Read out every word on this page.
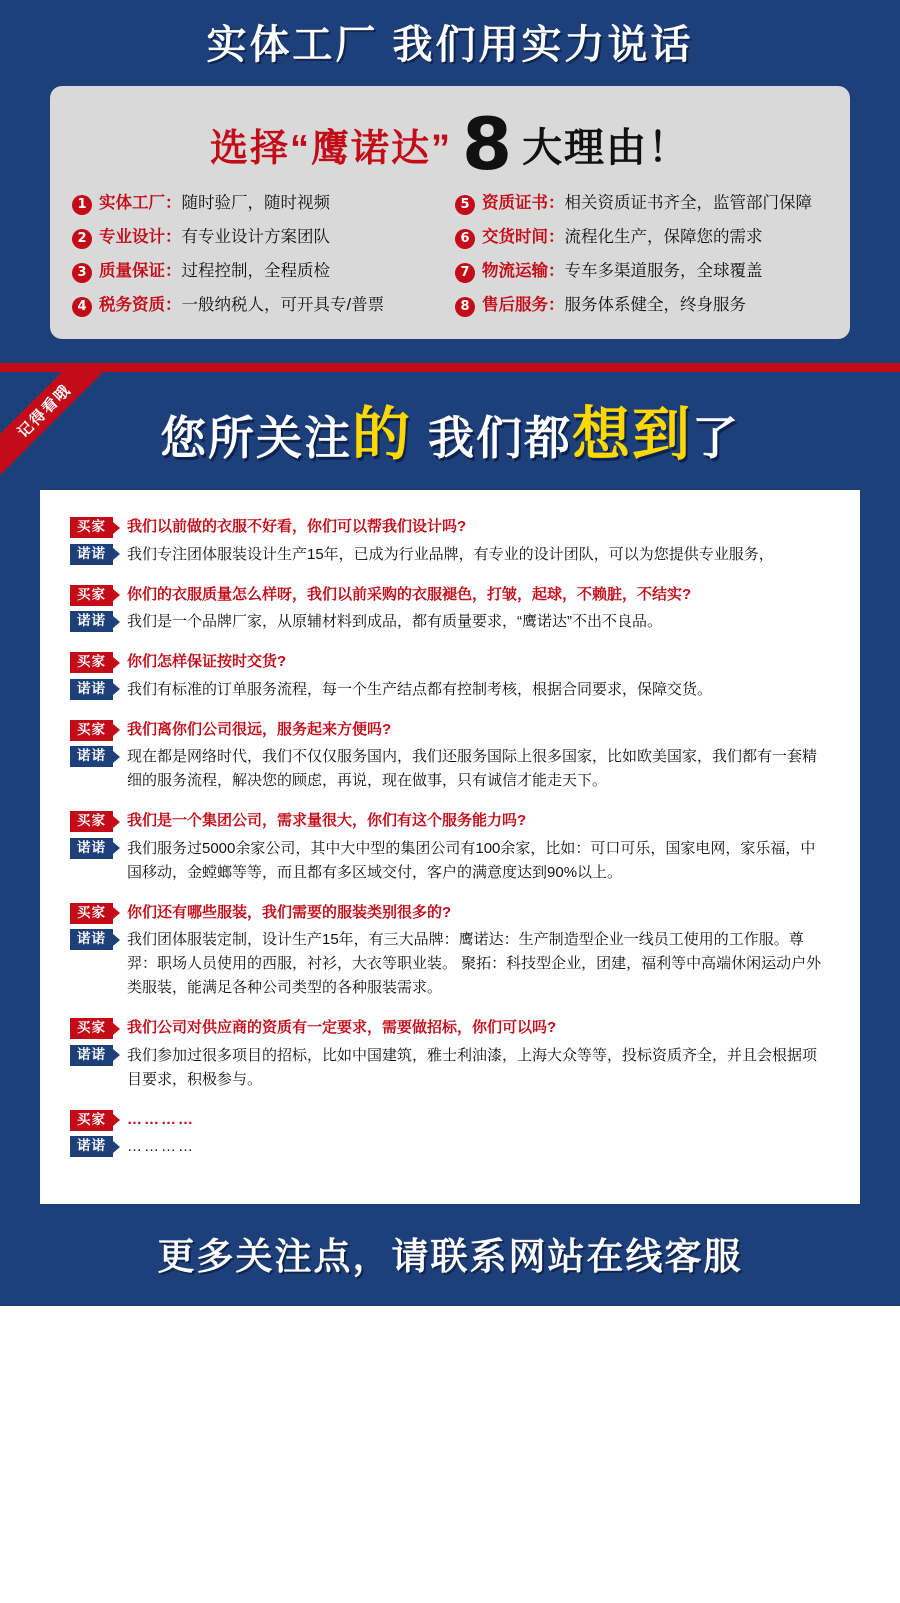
实体工厂 我们用实力说话
选择“鹰诺达” 8 大理由！
1 实体工厂：随时验厂，随时视频	5 资质证书：相关资质证书齐全，监管部门保障
2 专业设计：有专业设计方案团队	6 交货时间：流程化生产，保障您的需求
3 质量保证：过程控制，全程质检	7 物流运输：专车多渠道服务，全球覆盖
4 税务资质：一般纳税人，可开具专/普票	8 售后服务：服务体系健全，终身服务
记得看哦	您所关注的 我们都想到了
买家	我们以前做的衣服不好看，你们可以帮我们设计吗?
诺诺	我们专注团体服装设计生产15年，已成为行业品牌，有专业的设计团队，可以为您提供专业服务，
买家	你们的衣服质量怎么样呀，我们以前采购的衣服褪色，打皱，起球，不赖脏，不结实?
诺诺	我们是一个品牌厂家，从原辅材料到成品，都有质量要求，“鹰诺达”不出不良品。
买家	你们怎样保证按时交货?
诺诺	我们有标准的订单服务流程，每一个生产结点都有控制考核，根据合同要求，保障交货。
买家	我们离你们公司很远，服务起来方便吗?
诺诺	现在都是网络时代，我们不仅仅服务国内，我们还服务国际上很多国家，比如欧美国家，我们都有一套精细的服务流程，解决您的顾虑，再说，现在做事，只有诚信才能走天下。
买家	我们是一个集团公司，需求量很大，你们有这个服务能力吗?
诺诺	我们服务过5000余家公司，其中大中型的集团公司有100余家，比如：可口可乐，国家电网，家乐福，中国移动，金螳螂等等，而且都有多区域交付，客户的满意度达到90%以上。
买家	你们还有哪些服装，我们需要的服装类别很多的?
诺诺	我们团体服装定制，设计生产15年，有三大品牌：鹰诺达：生产制造型企业一线员工使用的工作服。尊羿：职场人员使用的西服，衬衫，大衣等职业装。 聚拓：科技型企业，团建，福利等中高端休闲运动户外类服装，能满足各种公司类型的各种服装需求。
买家	我们公司对供应商的资质有一定要求，需要做招标，你们可以吗?
诺诺	我们参加过很多项目的招标，比如中国建筑，雅士利油漆，上海大众等等，投标资质齐全，并且会根据项目要求，积极参与。
买家	…………
诺诺	…………
更多关注点，请联系网站在线客服
